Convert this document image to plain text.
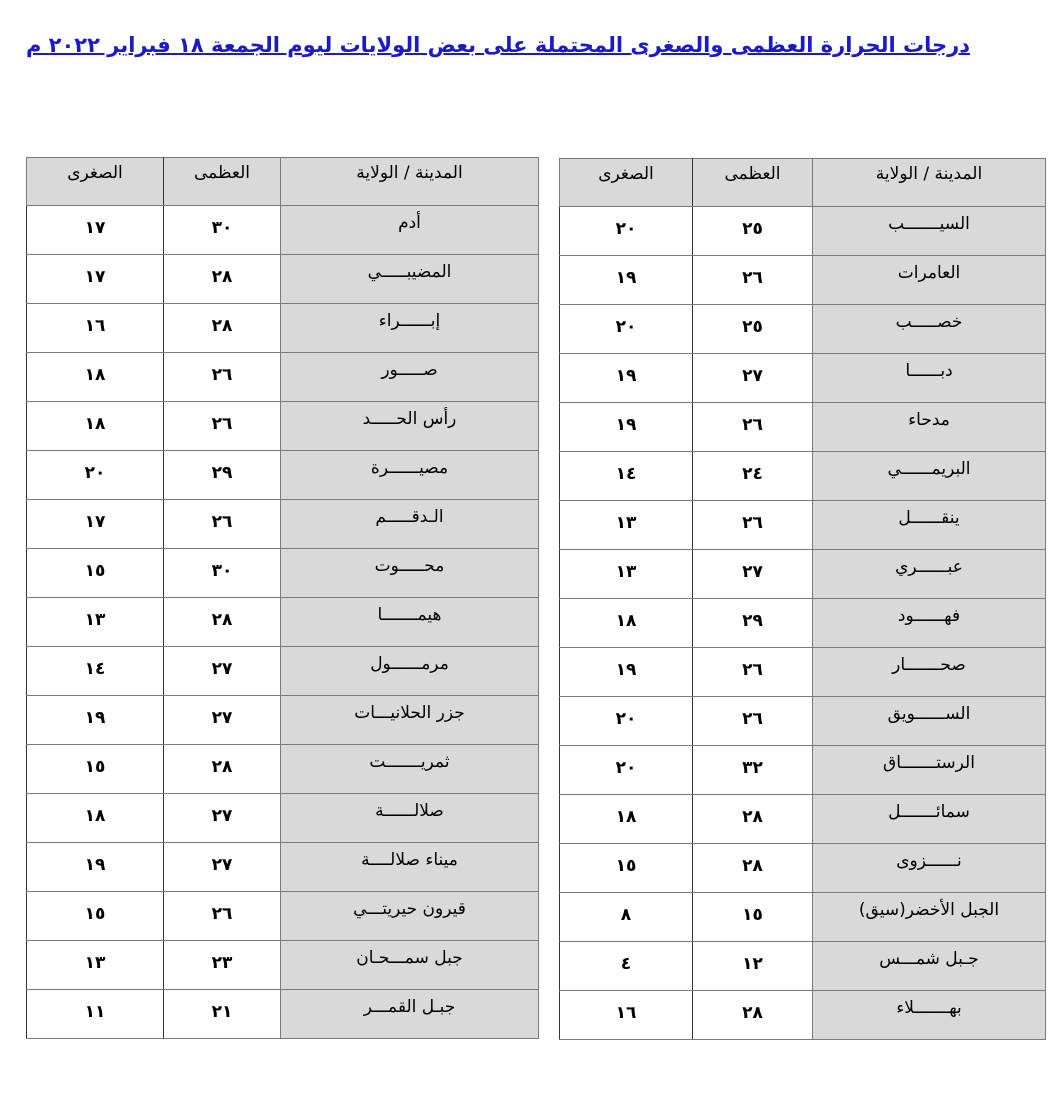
درجات الحرارة العظمى والصغرى المحتملة على بعض الولايات ليوم الجمعة ١٨ فبراير ٢٠٢٢ م
المدينة / الولاية	العظمى	الصغرى
أدم	٣٠	١٧
المضيبـــــي	٢٨	١٧
إبــــــراء	٢٨	١٦
صـــــور	٢٦	١٨
رأس الحـــــد	٢٦	١٨
مصيــــــرة	٢٩	٢٠
الـدقـــــم	٢٦	١٧
محـــــوت	٣٠	١٥
هيمـــــــا	٢٨	١٣
مرمــــــول	٢٧	١٤
جزر الحلانيـــات	٢٧	١٩
ثمريـــــــت	٢٨	١٥
صلالــــــة	٢٧	١٨
ميناء صلالــــة	٢٧	١٩
قيرون حيريتـــي	٢٦	١٥
جبل سمـــحـان	٢٣	١٣
جبـل القمـــر	٢١	١١
المدينة / الولاية	العظمى	الصغرى
السيـــــــب	٢٥	٢٠
العامرات	٢٦	١٩
خصـــــب	٢٥	٢٠
دبــــــا	٢٧	١٩
مدحاء	٢٦	١٩
البريمــــــي	٢٤	١٤
ينقــــــل	٢٦	١٣
عبــــــري	٢٧	١٣
فهــــــود	٢٩	١٨
صحـــــــار	٢٦	١٩
الســــــويق	٢٦	٢٠
الرستـــــــاق	٣٢	٢٠
سمائـــــــل	٢٨	١٨
نــــــزوى	٢٨	١٥
الجبل الأخضر(سيق)	١٥	٨
جـبل شمـــس	١٢	٤
بهـــــــلاء	٢٨	١٦
